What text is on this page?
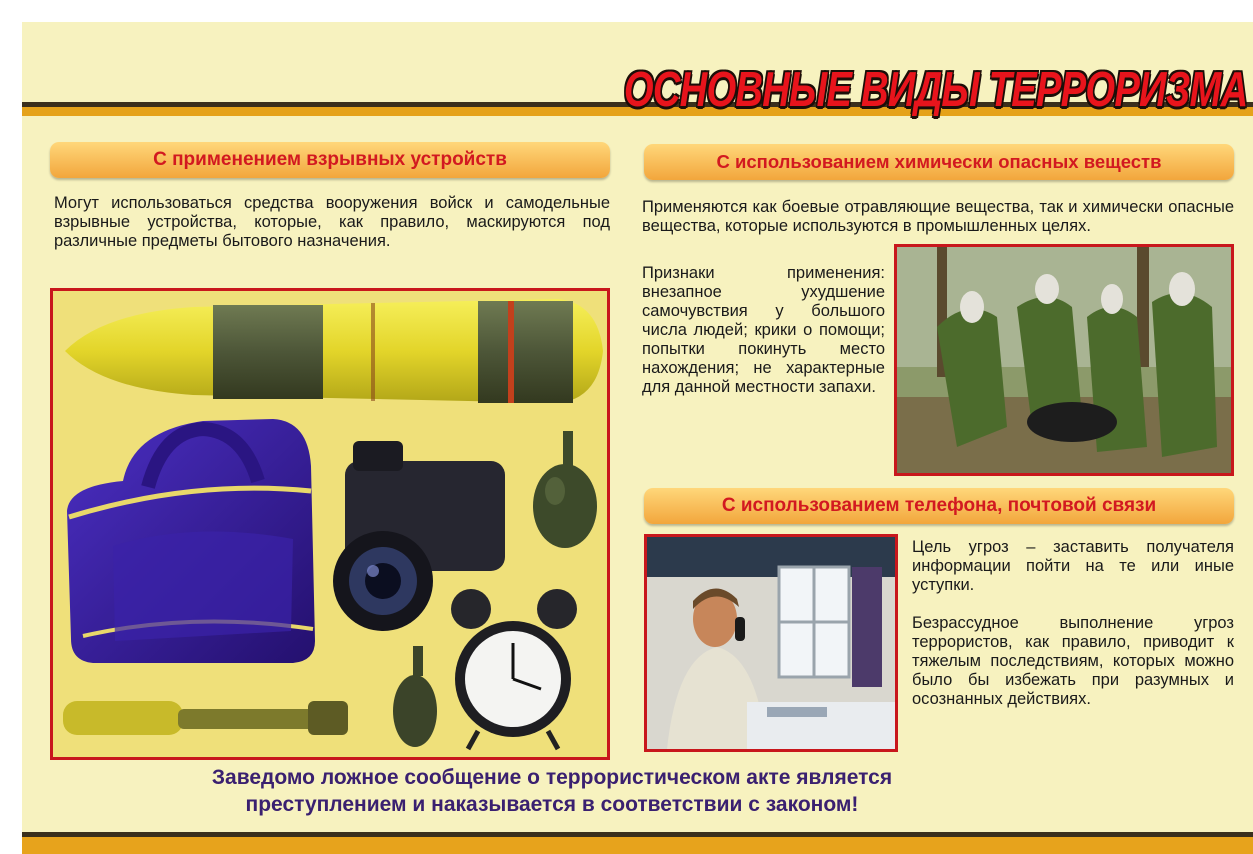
ОСНОВНЫЕ ВИДЫ ТЕРРОРИЗМА
С применением взрывных устройств

Могут использоваться средства вооружения войск и самодельные взрывные устройства, которые, как правило, маскируются под различные предметы бытового назначения.

С использованием химически опасных веществ

Применяются как боевые отравляющие вещества, так и химически опасные вещества, которые используются в промышленных целях.

Признаки применения: внезапное ухудшение самочувствия у большого числа людей; крики о помощи; попытки покинуть место нахождения; не характерные для данной местности запахи.

С использованием телефона, почтовой связи

Цель угроз – заставить получателя информации пойти на те или иные уступки.

Безрассудное выполнение угроз террористов, как правило, приводит к тяжелым последствиям, которых можно было бы избежать при разумных и осознанных действиях.

Заведомо ложное сообщение о террористическом акте является
преступлением и наказывается в соответствии с законом!
